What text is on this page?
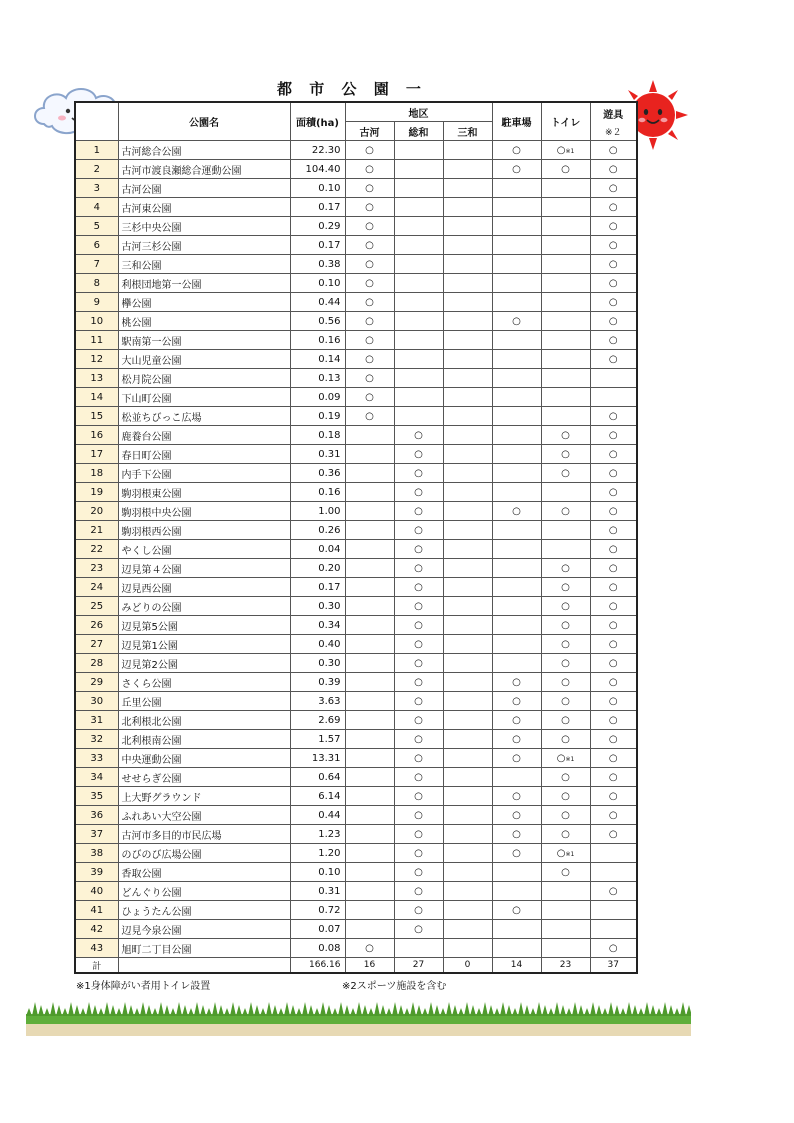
都 市 公 園 一
	公園名	面積(ha)	地区			駐車場	トイレ	遊具
※２

			古河	総和	三和			
1	古河総合公園	22.30	○			○	○※1	○
2	古河市渡良瀬総合運動公園	104.40	○			○	○	○
3	古河公園	0.10	○					○
4	古河東公園	0.17	○					○
5	三杉中央公園	0.29	○					○
6	古河三杉公園	0.17	○					○
7	三和公園	0.38	○					○
8	利根団地第一公園	0.10	○					○
9	欅公園	0.44	○					○
10	桃公園	0.56	○			○		○
11	駅南第一公園	0.16	○					○
12	大山児童公園	0.14	○					○
13	松月院公園	0.13	○					
14	下山町公園	0.09	○					
15	松並ちびっこ広場	0.19	○					○
16	鹿養台公園	0.18		○			○	○
17	春日町公園	0.31		○			○	○
18	内手下公園	0.36		○			○	○
19	駒羽根東公園	0.16		○				○
20	駒羽根中央公園	1.00		○		○	○	○
21	駒羽根西公園	0.26		○				○
22	やくし公園	0.04		○				○
23	辺見第４公園	0.20		○			○	○
24	辺見西公園	0.17		○			○	○
25	みどりの公園	0.30		○			○	○
26	辺見第5公園	0.34		○			○	○
27	辺見第1公園	0.40		○			○	○
28	辺見第2公園	0.30		○			○	○
29	さくら公園	0.39		○		○	○	○
30	丘里公園	3.63		○		○	○	○
31	北利根北公園	2.69		○		○	○	○
32	北利根南公園	1.57		○		○	○	○
33	中央運動公園	13.31		○		○	○※1	○
34	せせらぎ公園	0.64		○			○	○
35	上大野グラウンド	6.14		○		○	○	○
36	ふれあい大空公園	0.44		○		○	○	○
37	古河市多目的市民広場	1.23		○		○	○	○
38	のびのび広場公園	1.20		○		○	○※1	
39	香取公園	0.10		○			○	
40	どんぐり公園	0.31		○				○
41	ひょうたん公園	0.72		○		○		
42	辺見今泉公園	0.07		○				
43	旭町二丁目公園	0.08	○					○
計		166.16	16	27	0	14	23	37
※1身体障がい者用トイレ設置	※2スポーツ施設を含む
